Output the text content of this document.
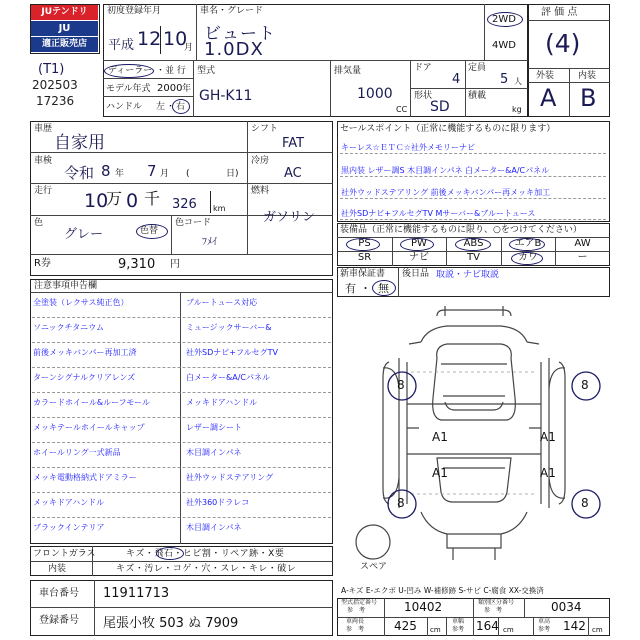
JUテンドリ
JU
適正販売店
(T1)
202503
17236
初度登録年月
平成 12 10
月
車名・グレード
ビュート
1.0DX
2WD
4WD
ディーラー ・並 行
モデル年式 2000 年
ハンドル 左 ・ 右
型式
GH-K11
排気量
1000
CC
ドア
4
定員
5 人
形状
SD
積載
kg
評 価 点
(4)
外装	内装
A B
車歴
自家用
シフト
FAT
車検
令和 8 年 7 月 (	日)
冷房
AC
走行 10
万 0 千 326 km
燃料
ガソリン
色
グレー	色替
色コード
ﾌﾒｲ
R券	9,310 円
セールスポイント（正常に機能するものに限ります）
キーレス☆ＥＴＣ☆社外メモリーナビ
黒内装 レザー調S 木目調インパネ 白メーター&A/Cパネル
社外ウッドステアリング 前後メッキバンパー再メッキ加工
社外SDナビ+フルセグTV Mサーバー&ブルートュース
装備品（正常に機能するものに限り、○をつけてください）
PS	PW	ABS	エアB	AW
SR	ナビ	TV	カワ	ー
新車保証書
有 ・ 無
後日品 取説・ナビ取説
注意事項申告欄
全塗装（レクサス純正色）
ソニックチタニウム
前後メッキバンパー再加工済
ターンシグナルクリアレンズ
カラードホイール&ルーフモール
メッキテールホイールキャップ
ホイールリング一式新品
メッキ電動格納式ドアミラー
メッキドアハンドル
ブラックインテリア
ブルートュース対応
ミュージックサーバー&
社外SDナビ+フルセグTV
白メーター&A/Cパネル
メッキドアハンドル
レザー調シート
木目調インパネ
社外ウッドステアリング
社外360ドラレコ
木目調インパネ
フロントガラス	キズ・飛石・ヒビ割・リペア跡・X要
内装	キズ・汚レ・コゲ・穴・スレ・キレ・破レ
車台番号 11911713
登録番号 尾張小牧 503 ぬ 7909
8	8
A1	A1
A1	A1
8	8
スペア
A-キズ E-エクボ U-凹み W-補修跡 S-サビ C-腐食 XX-交換済
型式指定番号
参　考	10402	類別区分番号
参　考	0034
車両長
参　考 425 cm
車幅
参考 164 cm
車高
参考 142 cm
